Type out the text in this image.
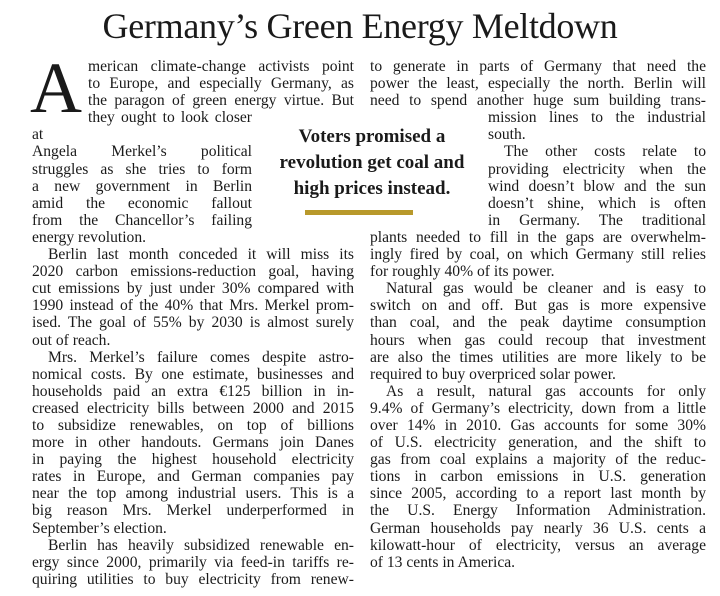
Germany’s Green Energy Meltdown

A merican climate-change activists point
to Europe, and especially Germany, as
the paragon of green energy virtue. But
they ought to look closer at
Angela Merkel’s political
struggles as she tries to form
a new government in Berlin
amid the economic fallout
from the Chancellor’s failing
energy revolution.

Berlin last month conceded it will miss its
2020 carbon emissions-reduction goal, having
cut emissions by just under 30% compared with
1990 instead of the 40% that Mrs. Merkel prom-
ised. The goal of 55% by 2030 is almost surely
out of reach.

Mrs. Merkel’s failure comes despite astro-
nomical costs. By one estimate, businesses and
households paid an extra €125 billion in in-
creased electricity bills between 2000 and 2015
to subsidize renewables, on top of billions
more in other handouts. Germans join Danes
in paying the highest household electricity
rates in Europe, and German companies pay
near the top among industrial users. This is a
big reason Mrs. Merkel underperformed in
September’s election.

Berlin has heavily subsidized renewable en-
ergy since 2000, primarily via feed-in tariffs re-
quiring utilities to buy electricity from renew-

to generate in parts of Germany that need the
power the least, especially the north. Berlin will
need to spend another huge sum building trans-
mission lines to the industrial
south.

The other costs relate to
providing electricity when the
wind doesn’t blow and the sun
doesn’t shine, which is often
in Germany. The traditional
plants needed to fill in the gaps are overwhelm-
ingly fired by coal, on which Germany still relies
for roughly 40% of its power.

Natural gas would be cleaner and is easy to
switch on and off. But gas is more expensive
than coal, and the peak daytime consumption
hours when gas could recoup that investment
are also the times utilities are more likely to be
required to buy overpriced solar power.

As a result, natural gas accounts for only
9.4% of Germany’s electricity, down from a little
over 14% in 2010. Gas accounts for some 30%
of U.S. electricity generation, and the shift to
gas from coal explains a majority of the reduc-
tions in carbon emissions in U.S. generation
since 2005, according to a report last month by
the U.S. Energy Information Administration.
German households pay nearly 36 U.S. cents a
kilowatt-hour of electricity, versus an average
of 13 cents in America.

Voters promised a
revolution get coal and
high prices instead.
